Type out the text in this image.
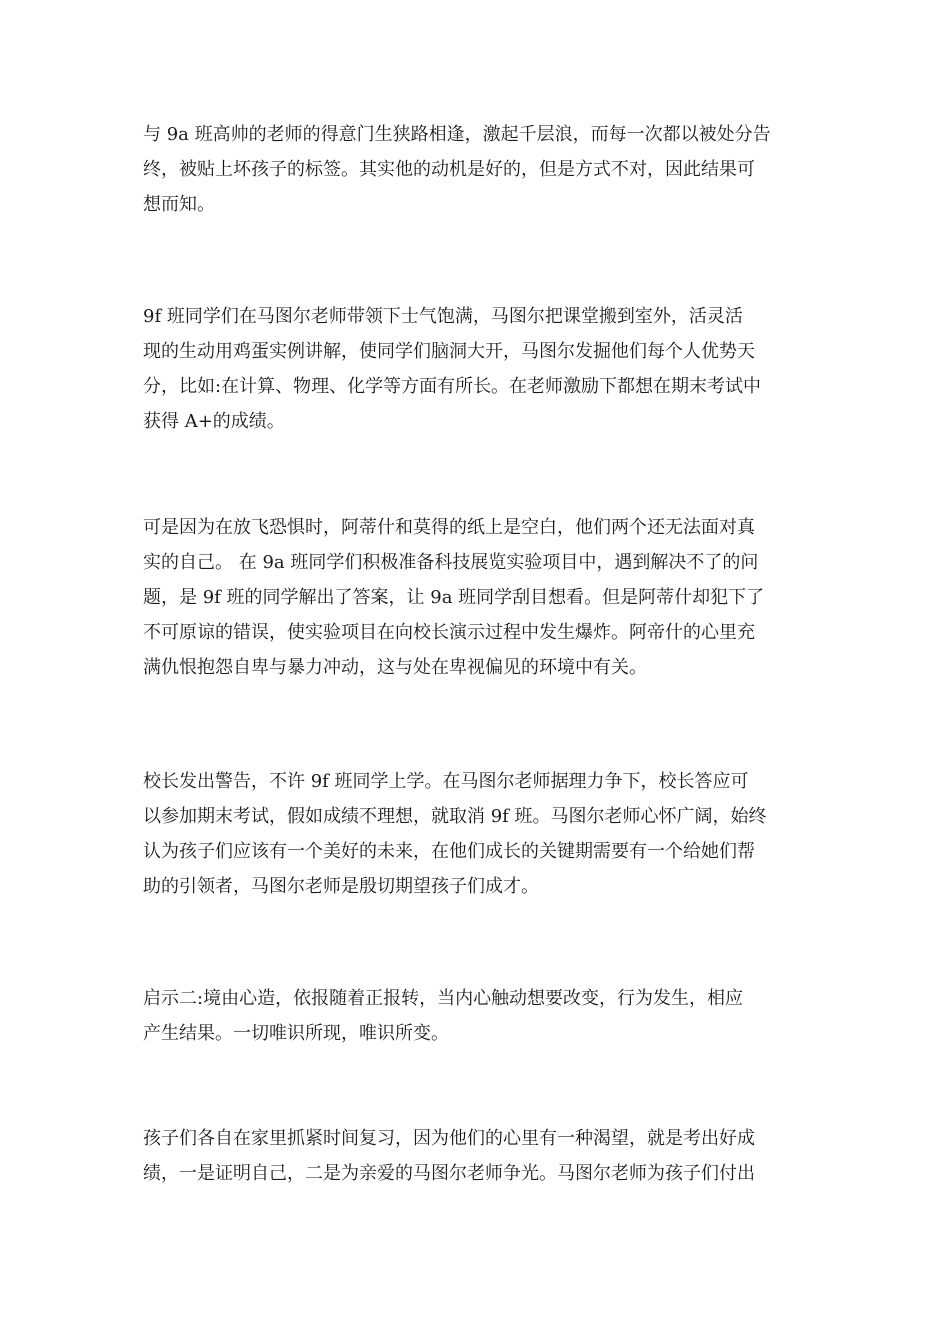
与 9a 班高帅的老师的得意门生狭路相逢，激起千层浪，而每一次都以被处分告
终，被贴上坏孩子的标签。其实他的动机是好的，但是方式不对，因此结果可
想而知。

9f 班同学们在马图尔老师带领下士气饱满，马图尔把课堂搬到室外，活灵活
现的生动用鸡蛋实例讲解，使同学们脑洞大开，马图尔发掘他们每个人优势天
分，比如:在计算、物理、化学等方面有所长。在老师激励下都想在期末考试中
获得 A+的成绩。

可是因为在放飞恐惧时，阿蒂什和莫得的纸上是空白，他们两个还无法面对真
实的自己。 在 9a 班同学们积极准备科技展览实验项目中，遇到解决不了的问
题，是 9f 班的同学解出了答案，让 9a 班同学刮目想看。但是阿蒂什却犯下了
不可原谅的错误，使实验项目在向校长演示过程中发生爆炸。阿帝什的心里充
满仇恨抱怨自卑与暴力冲动，这与处在卑视偏见的环境中有关。

校长发出警告，不许 9f 班同学上学。在马图尔老师据理力争下，校长答应可
以参加期末考试，假如成绩不理想，就取消 9f 班。马图尔老师心怀广阔，始终
认为孩子们应该有一个美好的未来，在他们成长的关键期需要有一个给她们帮
助的引领者，马图尔老师是殷切期望孩子们成才。

启示二:境由心造，依报随着正报转，当内心触动想要改变，行为发生，相应
产生结果。一切唯识所现，唯识所变。

孩子们各自在家里抓紧时间复习，因为他们的心里有一种渴望，就是考出好成
绩，一是证明自己，二是为亲爱的马图尔老师争光。马图尔老师为孩子们付出
